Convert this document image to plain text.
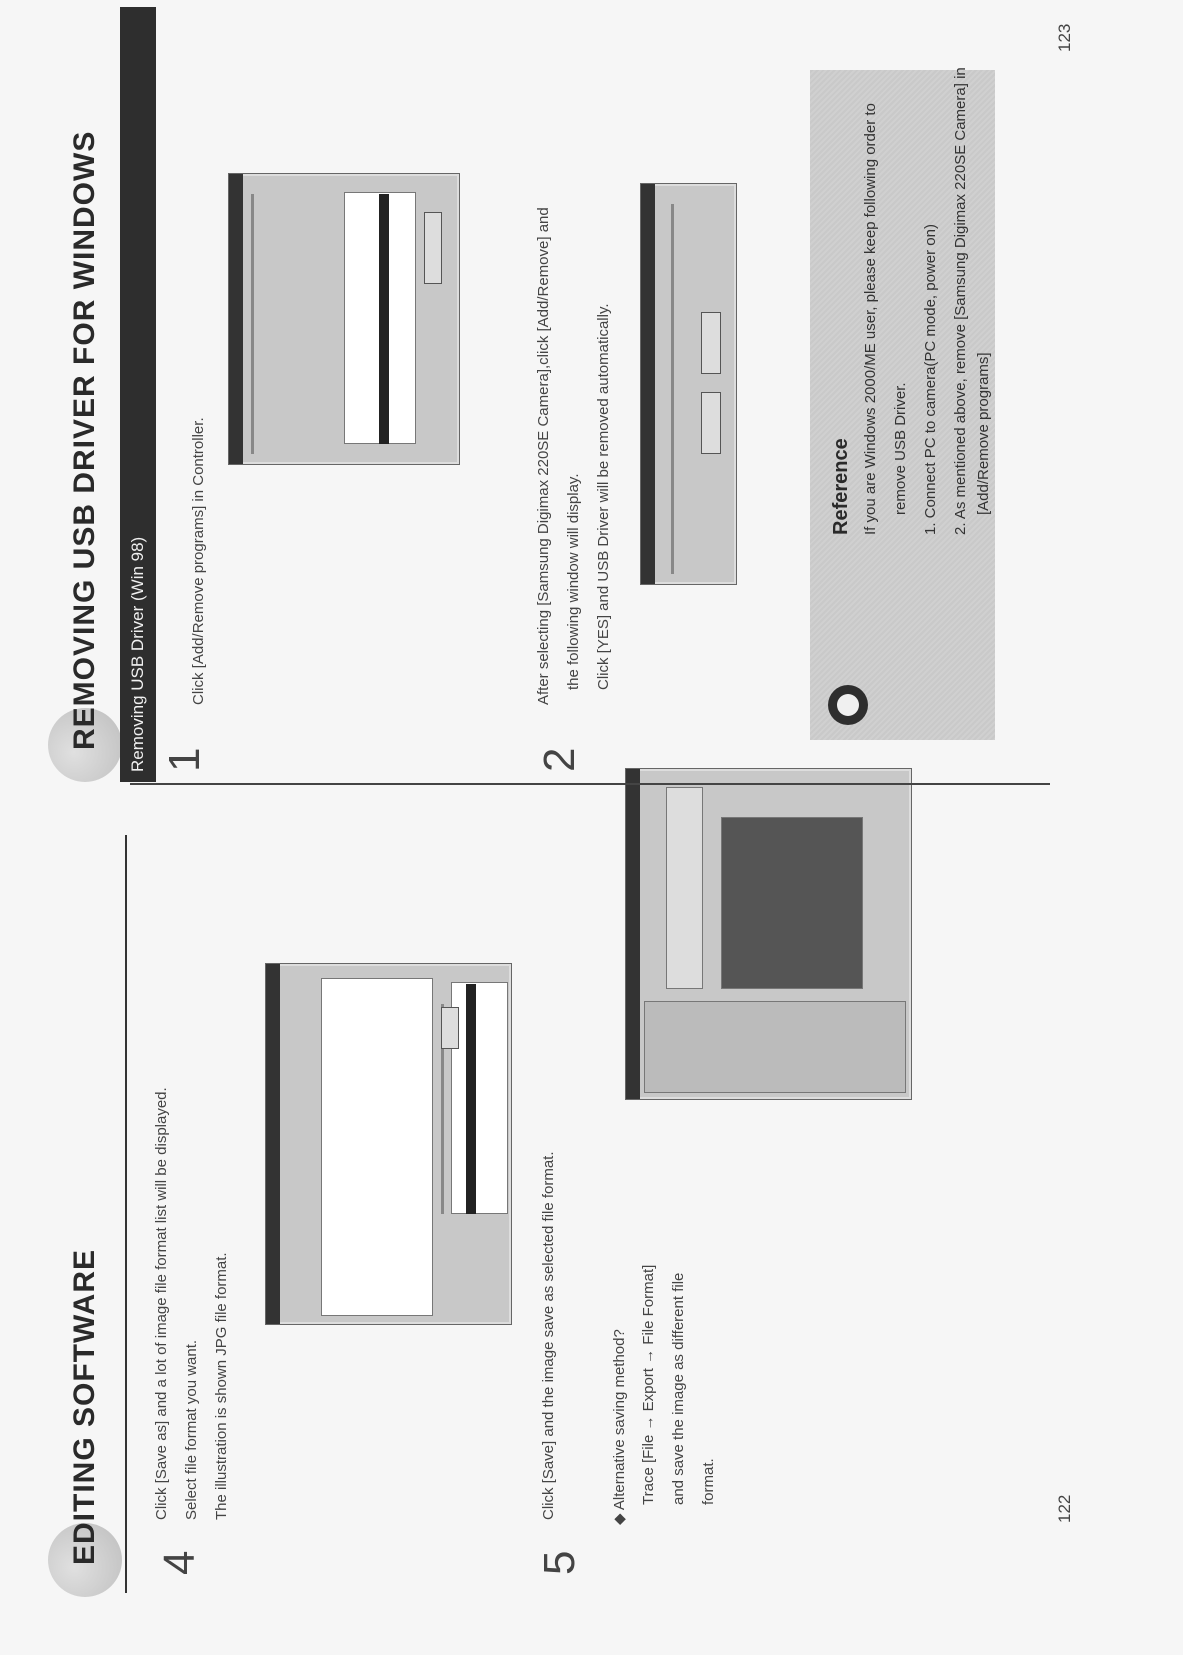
EDITING SOFTWARE 4
Click [Save as] and a lot of image file format list will be displayed. Select file format you want. The illustration is shown JPG file format.
5
Click [Save] and the image save as selected file format.	◆ Alternative saving method? Trace [File → Export → File Format] and save the image as different file format.
122
REMOVING USB DRIVER FOR WINDOWS	Removing USB Driver (Win 98) 1
Click [Add/Remove programs] in Controller.
2
After selecting [Samsung Digimax 220SE Camera],click [Add/Remove] and the following window will display. Click [YES] and USB Driver will be removed automatically.	Reference If you are Windows 2000/ME user, please keep following order to remove USB Driver. 1. Connect PC to camera(PC mode, power on) 2. As mentioned above, remove [Samsung Digimax 220SE Camera] in [Add/Remove programs]
123
